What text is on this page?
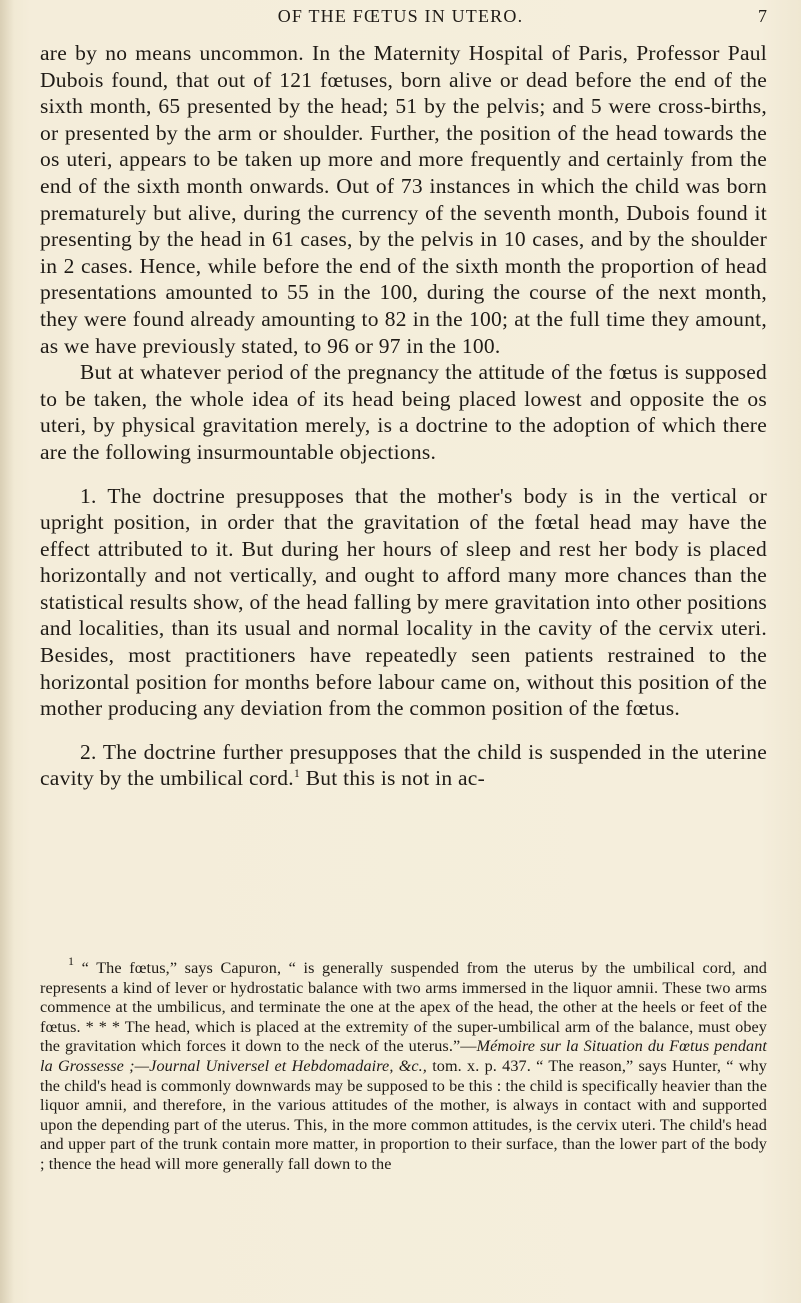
OF THE FŒTUS IN UTERO.	7

are by no means uncommon. In the Maternity Hospital of Paris, Professor Paul Dubois found, that out of 121 fœtuses, born alive or dead before the end of the sixth month, 65 presented by the head; 51 by the pelvis; and 5 were cross-births, or presented by the arm or shoulder. Further, the position of the head towards the os uteri, appears to be taken up more and more frequently and certainly from the end of the sixth month onwards. Out of 73 instances in which the child was born prematurely but alive, during the currency of the seventh month, Dubois found it presenting by the head in 61 cases, by the pelvis in 10 cases, and by the shoulder in 2 cases. Hence, while before the end of the sixth month the proportion of head presentations amounted to 55 in the 100, during the course of the next month, they were found already amounting to 82 in the 100; at the full time they amount, as we have previously stated, to 96 or 97 in the 100.

But at whatever period of the pregnancy the attitude of the fœtus is supposed to be taken, the whole idea of its head being placed lowest and opposite the os uteri, by physical gravitation merely, is a doctrine to the adoption of which there are the following insurmountable objections.

1. The doctrine presupposes that the mother's body is in the vertical or upright position, in order that the gravitation of the fœtal head may have the effect attributed to it. But during her hours of sleep and rest her body is placed horizontally and not vertically, and ought to afford many more chances than the statistical results show, of the head falling by mere gravitation into other positions and localities, than its usual and normal locality in the cavity of the cervix uteri. Besides, most practitioners have repeatedly seen patients restrained to the horizontal position for months before labour came on, without this position of the mother producing any deviation from the common position of the fœtus.

2. The doctrine further presupposes that the child is suspended in the uterine cavity by the umbilical cord.$^1$ But this is not in ac-

$^1$ “ The fœtus,” says Capuron, “ is generally suspended from the uterus by the umbilical cord, and represents a kind of lever or hydrostatic balance with two arms immersed in the liquor amnii. These two arms commence at the umbilicus, and terminate the one at the apex of the head, the other at the heels or feet of the fœtus. * * * The head, which is placed at the extremity of the super-umbilical arm of the balance, must obey the gravitation which forces it down to the neck of the uterus.”—Mémoire sur la Situation du Fœtus pendant la Grossesse ;—Journal Universel et Hebdomadaire, &c., tom. x. p. 437. “ The reason,” says Hunter, “ why the child's head is commonly downwards may be supposed to be this : the child is specifically heavier than the liquor amnii, and therefore, in the various attitudes of the mother, is always in contact with and supported upon the depending part of the uterus. This, in the more common attitudes, is the cervix uteri. The child's head and upper part of the trunk contain more matter, in proportion to their surface, than the lower part of the body ; thence the head will more generally fall down to the
